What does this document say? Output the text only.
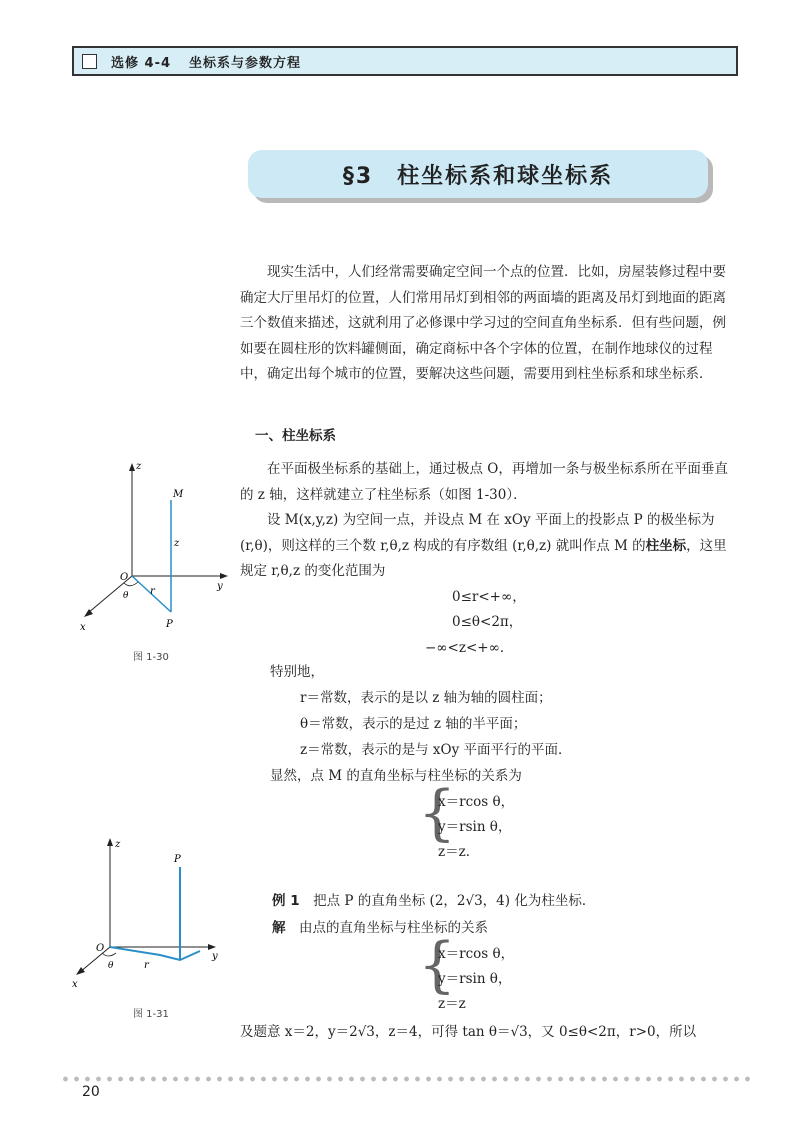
选修 4-4 坐标系与参数方程
§3　柱坐标系和球坐标系

现实生活中，人们经常需要确定空间一个点的位置．比如，房屋装修过程中要确定大厅里吊灯的位置，人们常用吊灯到相邻的两面墙的距离及吊灯到地面的距离三个数值来描述，这就利用了必修课中学习过的空间直角坐标系．但有些问题，例如要在圆柱形的饮料罐侧面，确定商标中各个字体的位置，在制作地球仪的过程中，确定出每个城市的位置，要解决这些问题，需要用到柱坐标系和球坐标系．

一、柱坐标系

在平面极坐标系的基础上，通过极点 O，再增加一条与极坐标系所在平面垂直的 z 轴，这样就建立了柱坐标系（如图 1-30）．

设 M(x,y,z) 为空间一点，并设点 M 在 xOy 平面上的投影点 P 的极坐标为 (r,θ)，则这样的三个数 r,θ,z 构成的有序数组 (r,θ,z) 就叫作点 M 的柱坐标，这里规定 r,θ,z 的变化范围为

0≤r<+∞，
0≤θ<2π，
−∞<z<+∞．
特别地，
r＝常数，表示的是以 z 轴为轴的圆柱面；
θ＝常数，表示的是过 z 轴的半平面；
z＝常数，表示的是与 xOy 平面平行的平面．
显然，点 M 的直角坐标与柱坐标的关系为
{
x＝rcos θ，
y＝rsin θ，
z＝z．
例 1　 把点 P 的直角坐标 (2，2√3，4) 化为柱坐标．
解　 由点的直角坐标与柱坐标的关系
{
x＝rcos θ，
y＝rsin θ，
z＝z
及题意 x＝2，y＝2√3，z＝4，可得 tan θ＝√3，又 0≤θ<2π，r>0，所以
z
M
z
O
θ r	y
x	P
图 1-30
z
P
O
θ	r
y
x
图 1-31
20
